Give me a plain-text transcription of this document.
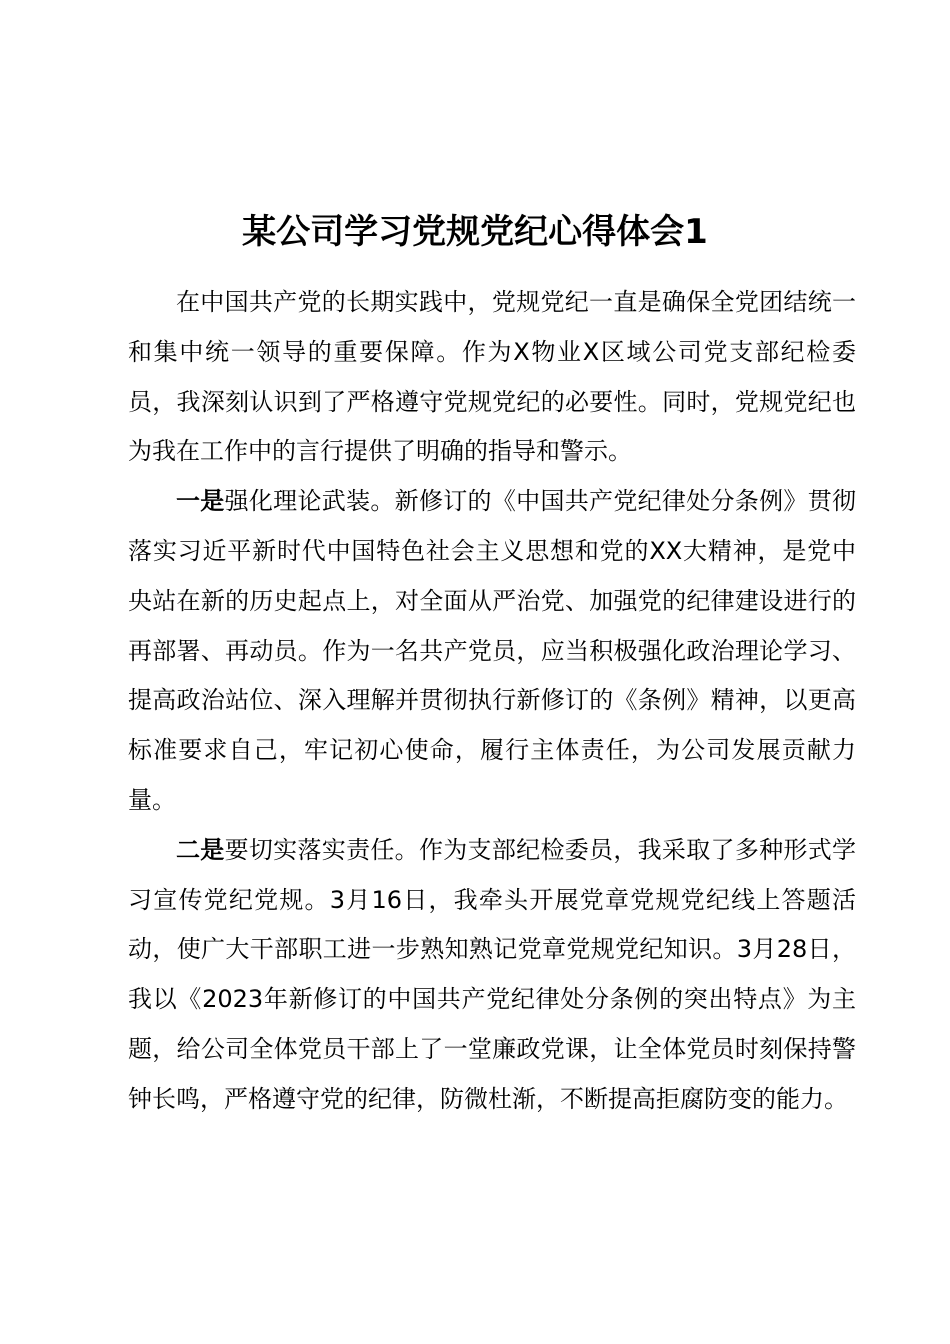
某公司学习党规党纪心得体会1

在中国共产党的长期实践中，党规党纪一直是确保全党团结统一和集中统一领导的重要保障。作为X物业X区域公司党支部纪检委员，我深刻认识到了严格遵守党规党纪的必要性。同时，党规党纪也为我在工作中的言行提供了明确的指导和警示。

一是强化理论武装。新修订的《中国共产党纪律处分条例》贯彻落实习近平新时代中国特色社会主义思想和党的XX大精神，是党中央站在新的历史起点上，对全面从严治党、加强党的纪律建设进行的再部署、再动员。作为一名共产党员，应当积极强化政治理论学习、提高政治站位、深入理解并贯彻执行新修订的《条例》精神，以更高标准要求自己，牢记初心使命，履行主体责任，为公司发展贡献力量。

二是要切实落实责任。作为支部纪检委员，我采取了多种形式学习宣传党纪党规。3月16日，我牵头开展党章党规党纪线上答题活动，使广大干部职工进一步熟知熟记党章党规党纪知识。3月28日，我以《2023年新修订的中国共产党纪律处分条例的突出特点》为主题，给公司全体党员干部上了一堂廉政党课，让全体党员时刻保持警钟长鸣，严格遵守党的纪律，防微杜渐，不断提高拒腐防变的能力。
